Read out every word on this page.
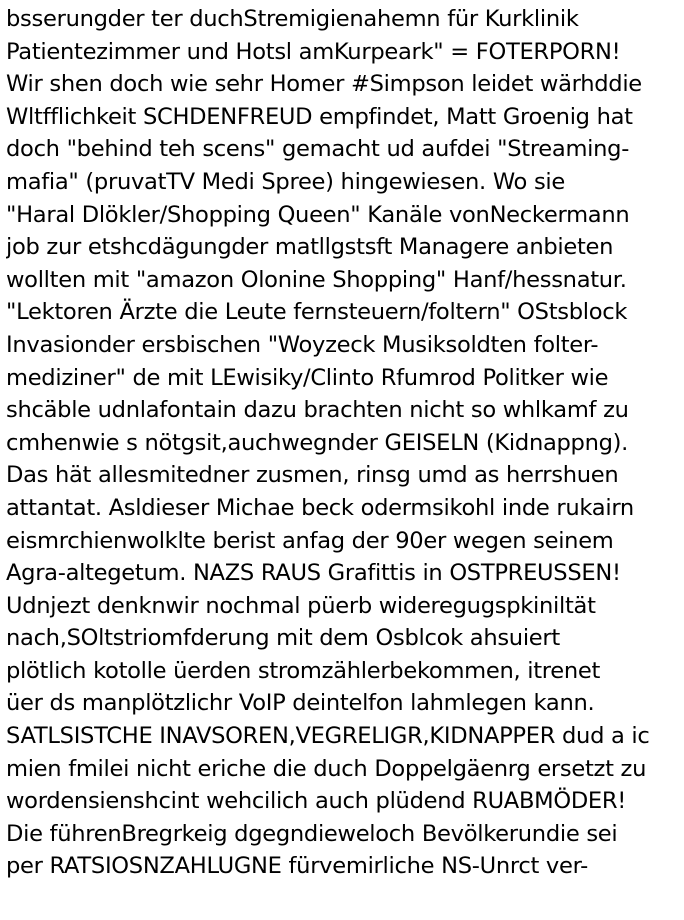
bsserungder ter duchStremigienahemn für Kurklinik
Patientezimmer und Hotsl amKurpeark" = FOTERPORN!
Wir shen doch wie sehr Homer #Simpson leidet wärhddie
Wltfflichkeit SCHDENFREUD empfindet, Matt Groenig hat
doch "behind teh scens" gemacht ud aufdei "Streaming-
mafia" (pruvatTV Medi Spree) hingewiesen. Wo sie
"Haral Dlökler/Shopping Queen" Kanäle vonNeckermann
job zur etshcdägungder matllgstsft Managere anbieten
wollten mit "amazon Olonine Shopping" Hanf/hessnatur.
"Lektoren Ärzte die Leute fernsteuern/foltern" OStsblock
Invasionder ersbischen "Woyzeck Musiksoldten folter-
mediziner" de mit LEwisiky/Clinto Rfumrod Politker wie
shcäble udnlafontain dazu brachten nicht so whlkamf zu
cmhenwie s nötgsit,auchwegnder GEISELN (Kidnappng).
Das hät allesmitedner zusmen, rinsg umd as herrshuen
attantat. Asldieser Michae beck odermsikohl inde rukairn
eismrchienwolklte berist anfag der 90er wegen seinem
Agra-altegetum. NAZS RAUS Grafittis in OSTPREUSSEN!
Udnjezt denknwir nochmal püerb wideregugspkiniltät
nach,SOltstriomfderung mit dem Osblcok ahsuiert
plötlich kotolle üerden stromzählerbekommen, itrenet
üer ds manplötzlichr VoIP deintelfon lahmlegen kann.
SATLSISTCHE INAVSOREN,VEGRELIGR,KIDNAPPER dud a ic
mien fmilei nicht eriche die duch Doppelgäenrg ersetzt zu
wordensienshcint wehcilich auch plüdend RUABMÖDER!
Die führenBregrkeig dgegndieweloch Bevölkerundie sei
per RATSIOSNZAHLUGNE fürvemirliche NS-Unrct ver-
